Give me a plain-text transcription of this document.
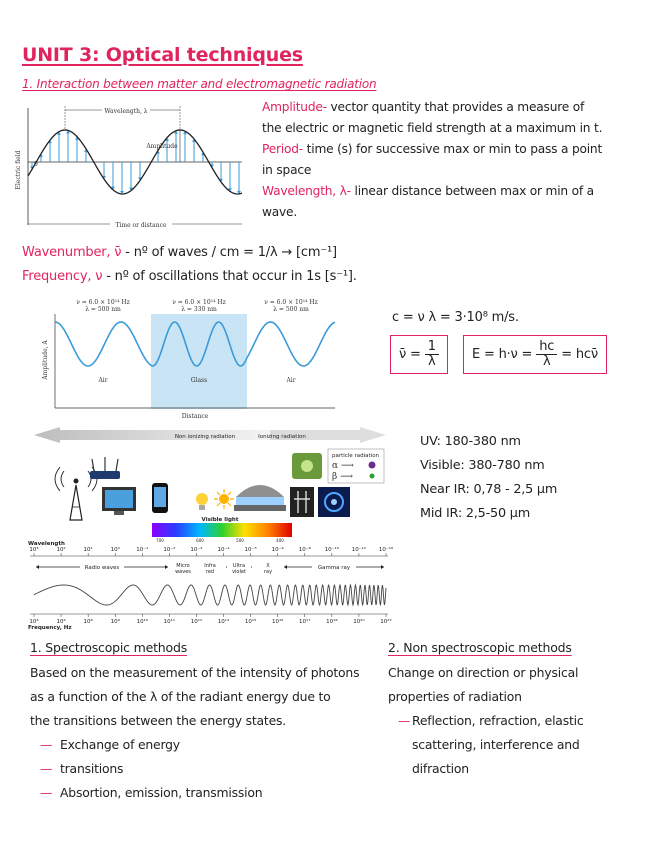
UNIT 3: Optical techniques
1. Interaction between matter and electromagnetic radiation
Wavelength, λ
Amplitude
Electric field 0
Time or distance

Amplitude- vector quantity that provides a measure of the electric or magnetic field strength at a maximum in t.

Period- time (s) for successive max or min to pass a point in space

Wavelength, λ- linear distance between max or min of a wave.

Wavenumber, ν̄ - nº of waves / cm = 1/λ → [cm⁻¹]
Frequency, ν - nº of oscillations that occur in 1s [s⁻¹].
ν = 6.0 × 10¹⁴ Hz
λ = 500 nm
ν = 6.0 × 10¹⁴ Hz
λ = 330 nm
ν = 6.0 × 10¹⁴ Hz
λ = 500 nm
Air	Glass	Air
Amplitude, A
Distance
c = ν λ = 3·10⁸ m/s.
ν̄ = $\frac{1}{\lambda}$	$E = h\cdot\nu = \frac{hc}{\lambda}$ = hcν̄
Non ionizing radiation	Ionizing radiation
particle radiation
α ⟶
β ⟶
Visible light
700	600	500	400
Wavelength
10³	10²	10¹	10⁰	10⁻¹	10⁻²	10⁻³	10⁻⁴	10⁻⁵	10⁻⁶	10⁻⁸	10⁻¹⁰ 10⁻¹² 10⁻¹⁶
Radio waves	Micro
waves
Infra
red
Ultra
violet
X
ray
Gamma ray
10⁴	10⁶	10⁸	10⁹	10¹⁰	10¹¹	10¹²	10¹⁴	10¹⁵	10¹⁶	10¹⁷	10¹⁸	10²⁰	10²²
Frequency, Hz
UV: 180-380 nm
Visible: 380-780 nm
Near IR: 0,78 - 2,5 µm
Mid IR: 2,5-50 µm
1. Spectroscopic methods
Based on the measurement of the intensity of photons
as a function of the λ of the radiant energy due to
the transitions between the energy states.
— Exchange of energy
— transitions
— Absortion, emission, transmission
2. Non spectroscopic methods
Change on direction or physical
properties of radiation
— Reflection, refraction, elastic scattering, interference and difraction
